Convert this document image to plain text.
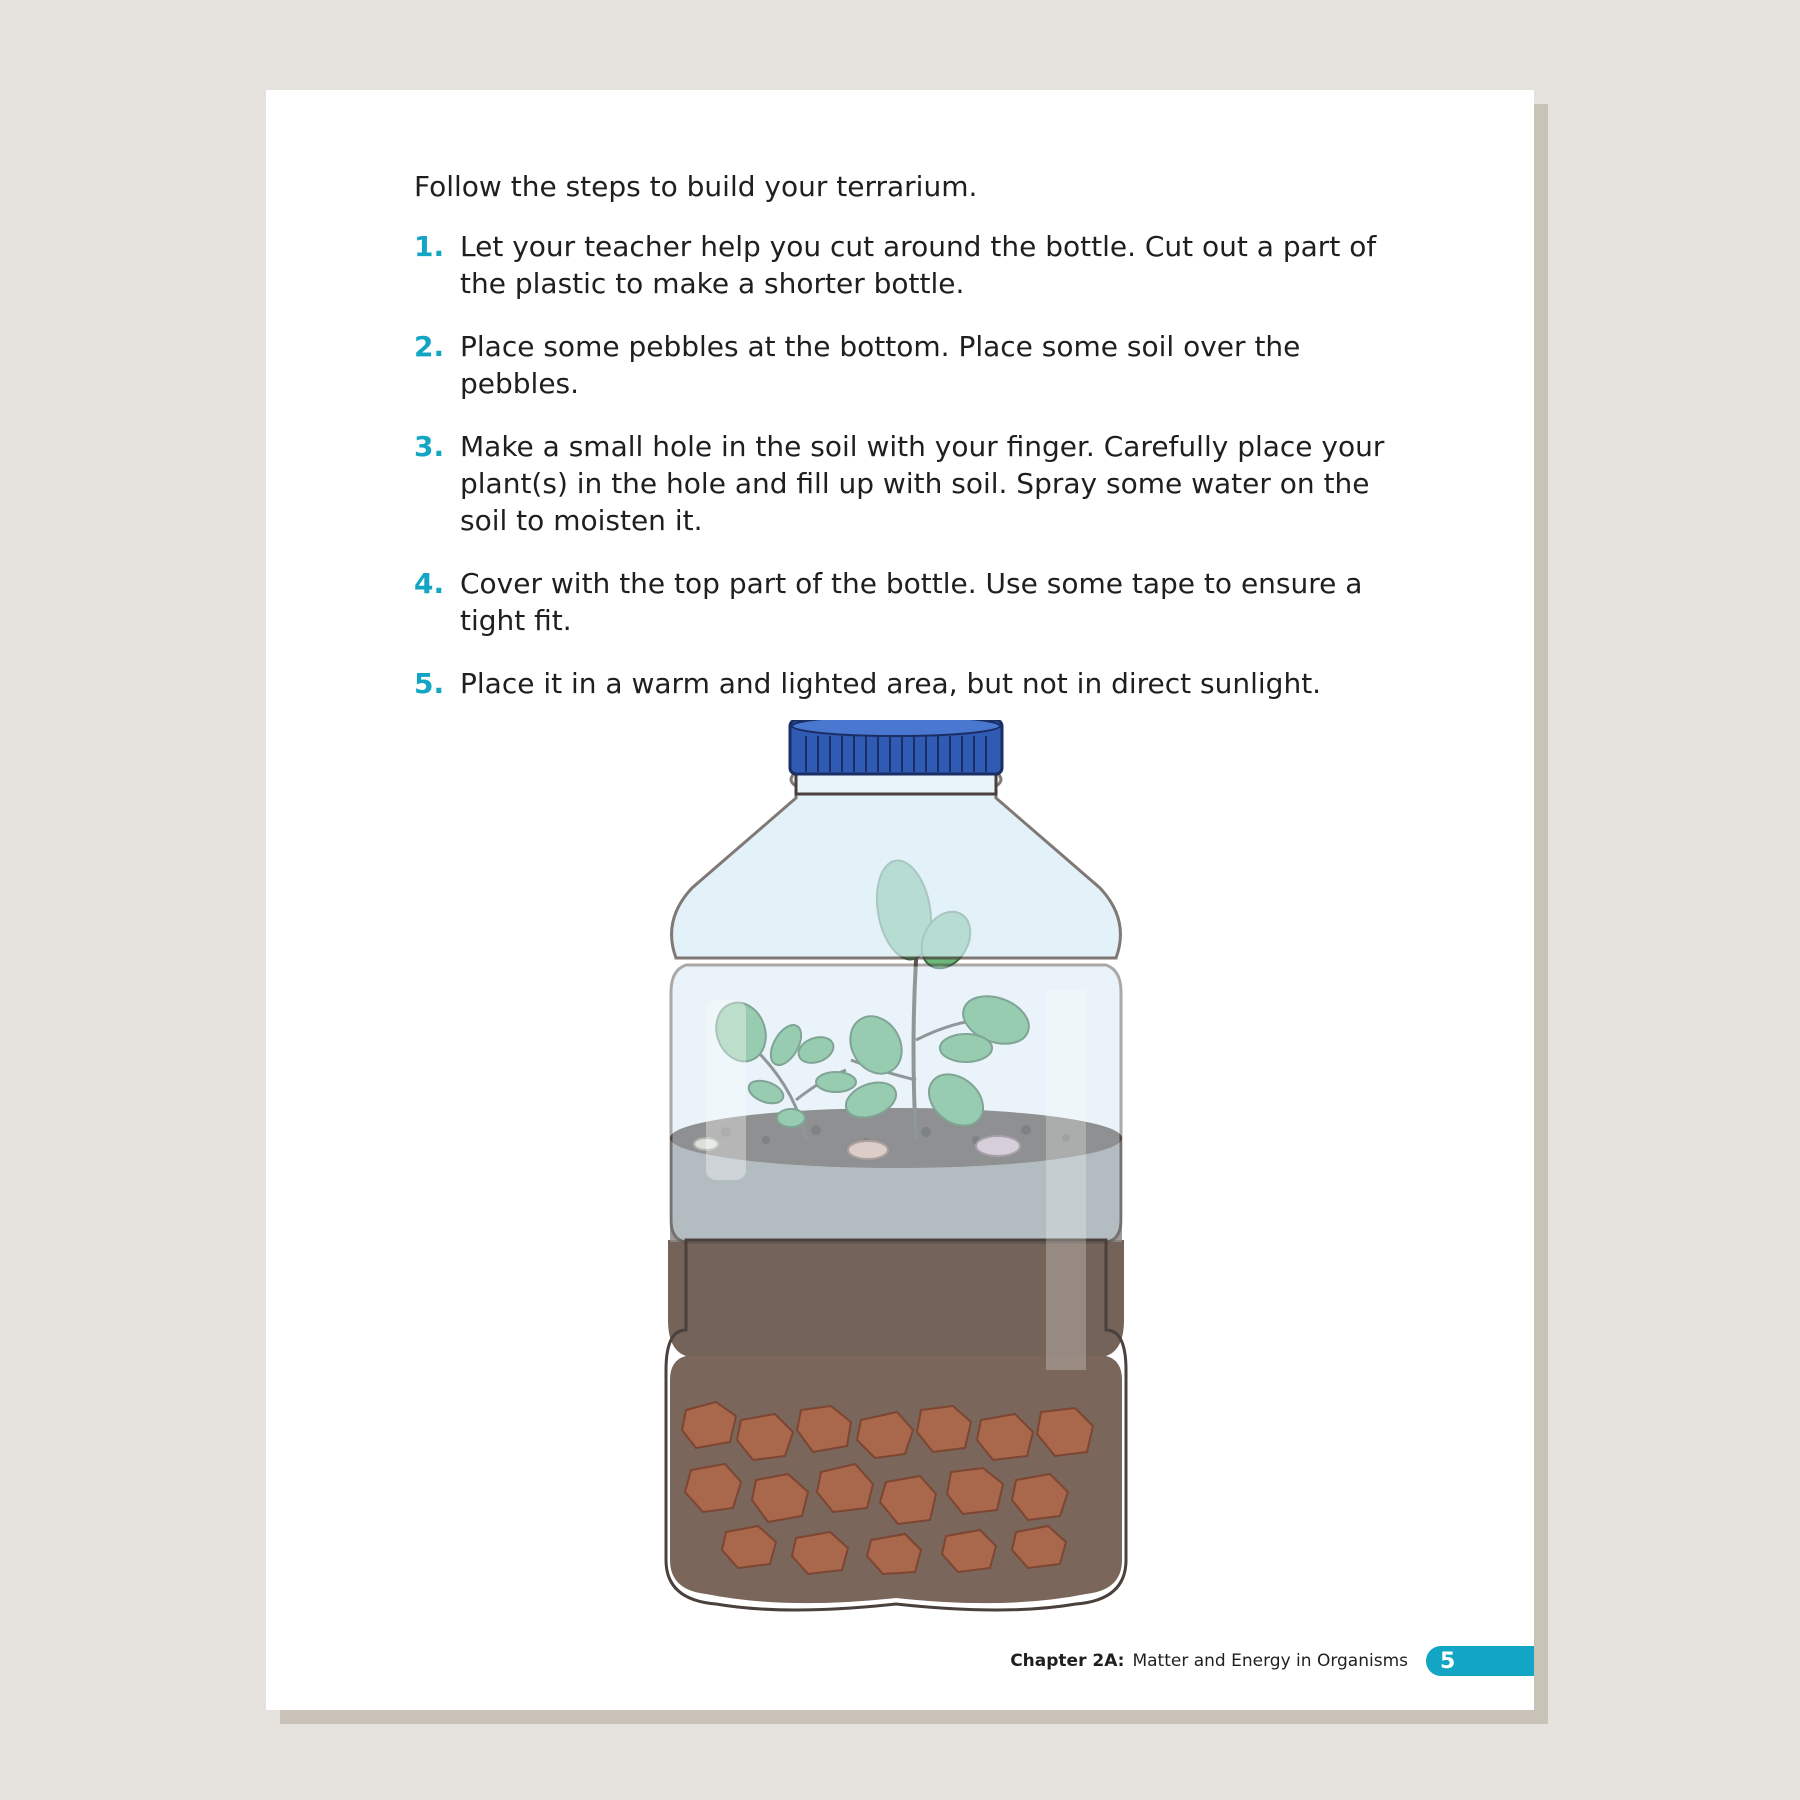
Follow the steps to build your terrarium.

1. Let your teacher help you cut around the bottle. Cut out a part of the plastic to make a shorter bottle.
2. Place some pebbles at the bottom. Place some soil over the pebbles.
3. Make a small hole in the soil with your finger. Carefully place your plant(s) in the hole and fill up with soil. Spray some water on the soil to moisten it.
4. Cover with the top part of the bottle. Use some tape to ensure a tight fit.
5. Place it in a warm and lighted area, but not in direct sunlight.
Chapter 2A: Matter and Energy in Organisms	5
